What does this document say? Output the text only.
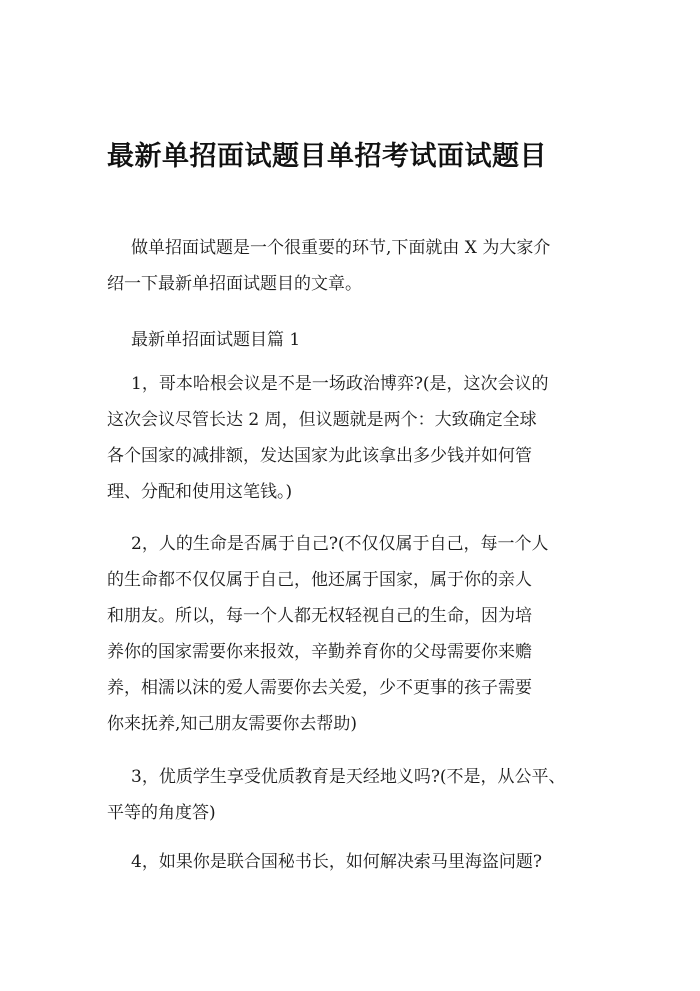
最新单招面试题目单招考试面试题目

做单招面试题是一个很重要的环节,下面就由 X 为大家介
绍一下最新单招面试题目的文章。

最新单招面试题目篇 1

1，哥本哈根会议是不是一场政治博弈?(是，这次会议的
这次会议尽管长达 2 周，但议题就是两个：大致确定全球
各个国家的减排额，发达国家为此该拿出多少钱并如何管
理、分配和使用这笔钱。)

2，人的生命是否属于自己?(不仅仅属于自己，每一个人
的生命都不仅仅属于自己，他还属于国家，属于你的亲人
和朋友。所以，每一个人都无权轻视自己的生命，因为培
养你的国家需要你来报效，辛勤养育你的父母需要你来赡
养，相濡以沫的爱人需要你去关爱，少不更事的孩子需要
你来抚养,知己朋友需要你去帮助)

3，优质学生享受优质教育是天经地义吗?(不是，从公平、
平等的角度答)

4，如果你是联合国秘书长，如何解决索马里海盗问题?
